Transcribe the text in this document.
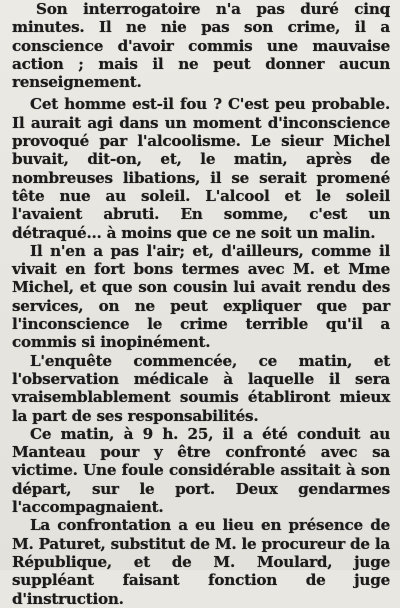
Son interrogatoire n'a pas duré cinq minutes. Il ne nie pas son crime, il a conscience d'avoir commis une mauvaise action ; mais il ne peut donner aucun renseignement.

Cet homme est-il fou ? C'est peu probable. Il aurait agi dans un moment d'inconscience provoqué par l'alcoolisme. Le sieur Michel buvait, dit-on, et, le matin, après de nombreuses libations, il se serait promené tête nue au soleil. L'alcool et le soleil l'avaient abruti. En somme, c'est un détraqué... à moins que ce ne soit un malin.

Il n'en a pas l'air; et, d'ailleurs, comme il vivait en fort bons termes avec M. et Mme Michel, et que son cousin lui avait rendu des services, on ne peut expliquer que par l'inconscience le crime terrible qu'il a commis si inopinément.

L'enquête commencée, ce matin, et l'observation médicale à laquelle il sera vraisemblablement soumis établiront mieux la part de ses responsabilités.

Ce matin, à 9 h. 25, il a été conduit au Manteau pour y être confronté avec sa victime. Une foule considérable assitait à son départ, sur le port. Deux gendarmes l'accompagnaient.

La confrontation a eu lieu en présence de M. Paturet, substitut de M. le procureur de la République, et de M. Moulard, juge suppléant faisant fonction de juge d'instruction.
